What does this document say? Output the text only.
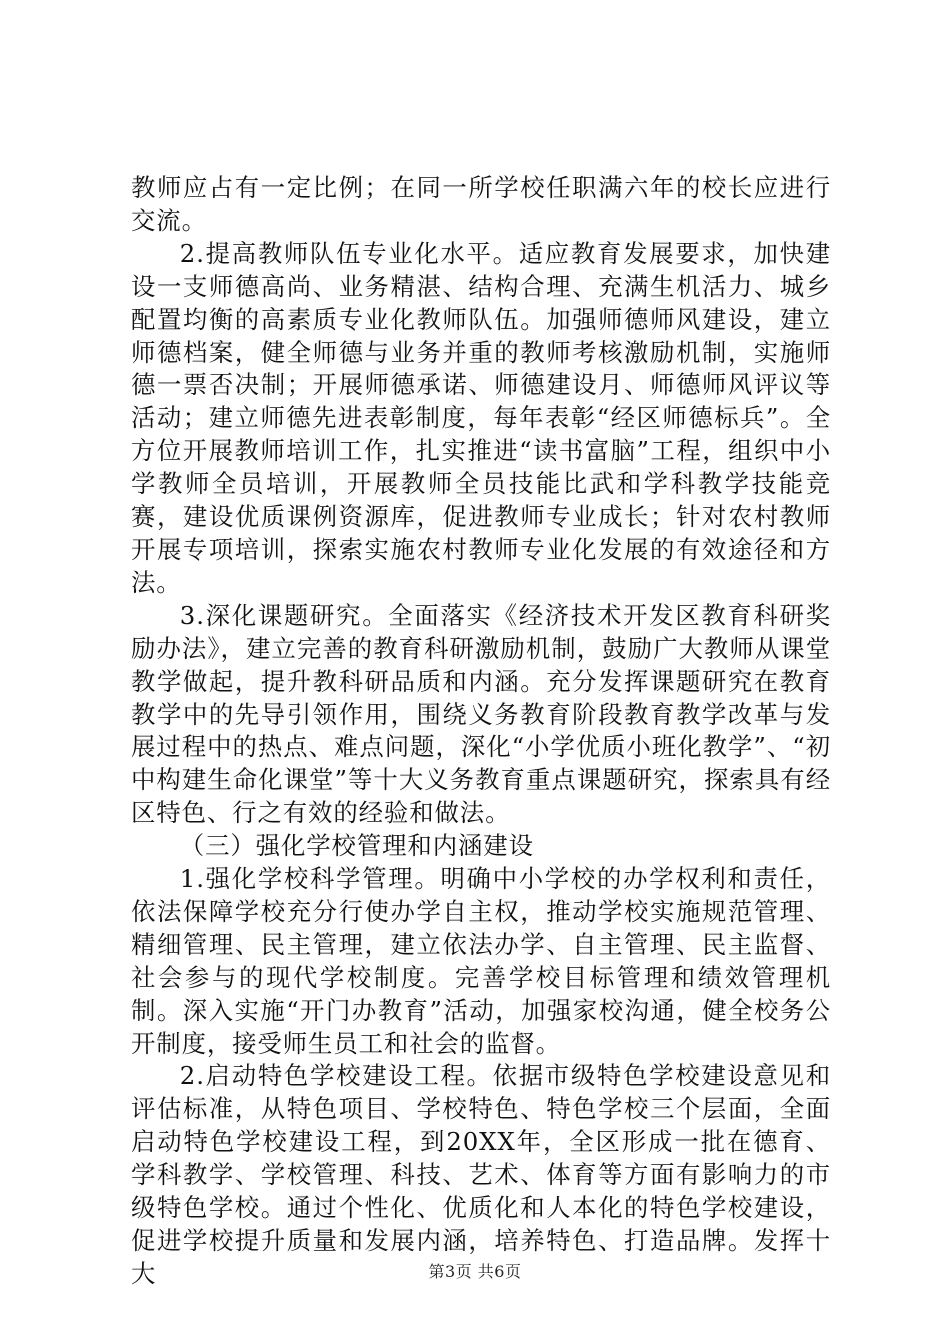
教师应占有一定比例；在同一所学校任职满六年的校长应进行交流。

2.提高教师队伍专业化水平。适应教育发展要求，加快建设一支师德高尚、业务精湛、结构合理、充满生机活力、城乡配置均衡的高素质专业化教师队伍。加强师德师风建设，建立师德档案，健全师德与业务并重的教师考核激励机制，实施师德一票否决制；开展师德承诺、师德建设月、师德师风评议等活动；建立师德先进表彰制度，每年表彰“经区师德标兵”。全方位开展教师培训工作，扎实推进“读书富脑”工程，组织中小学教师全员培训，开展教师全员技能比武和学科教学技能竞赛，建设优质课例资源库，促进教师专业成长；针对农村教师开展专项培训，探索实施农村教师专业化发展的有效途径和方法。

3.深化课题研究。全面落实《经济技术开发区教育科研奖励办法》，建立完善的教育科研激励机制，鼓励广大教师从课堂教学做起，提升教科研品质和内涵。充分发挥课题研究在教育教学中的先导引领作用，围绕义务教育阶段教育教学改革与发展过程中的热点、难点问题，深化“小学优质小班化教学”、“初中构建生命化课堂”等十大义务教育重点课题研究，探索具有经区特色、行之有效的经验和做法。

（三）强化学校管理和内涵建设

1.强化学校科学管理。明确中小学校的办学权利和责任，依法保障学校充分行使办学自主权，推动学校实施规范管理、精细管理、民主管理，建立依法办学、自主管理、民主监督、社会参与的现代学校制度。完善学校目标管理和绩效管理机制。深入实施“开门办教育”活动，加强家校沟通，健全校务公开制度，接受师生员工和社会的监督。

2.启动特色学校建设工程。依据市级特色学校建设意见和评估标准，从特色项目、学校特色、特色学校三个层面，全面启动特色学校建设工程，到20XX年，全区形成一批在德育、学科教学、学校管理、科技、艺术、体育等方面有影响力的市级特色学校。通过个性化、优质化和人本化的特色学校建设，促进学校提升质量和发展内涵，培养特色、打造品牌。发挥十大	第3页 共6页
